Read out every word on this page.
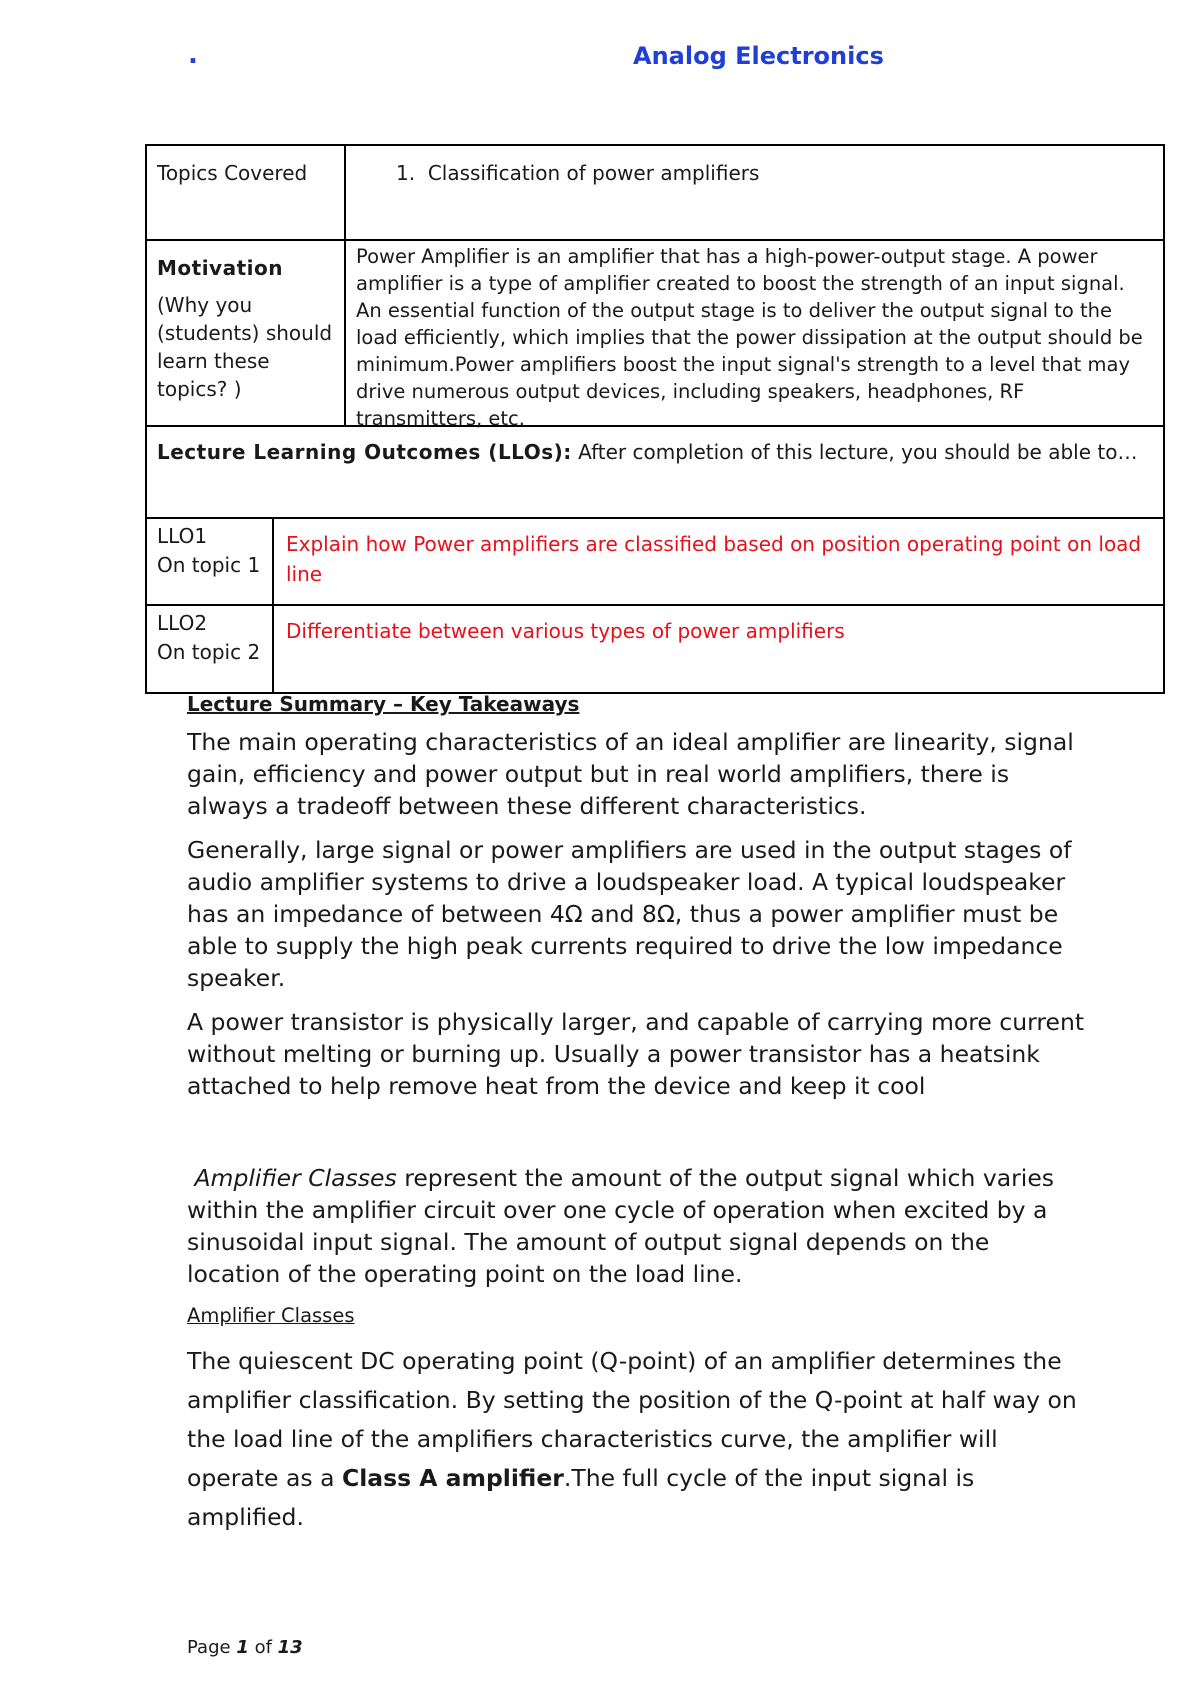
.	Analog Electronics
Topics Covered	1. Classification of power amplifiers
Motivation

(Why you (students) should learn these topics? )
Power Amplifier is an amplifier that has a high-power-output stage. A power amplifier is a type of amplifier created to boost the strength of an input signal. An essential function of the output stage is to deliver the output signal to the load efficiently, which implies that the power dissipation at the output should be minimum.Power amplifiers boost the input signal's strength to a level that may drive numerous output devices, including speakers, headphones, RF transmitters, etc.
Lecture Learning Outcomes (LLOs): After completion of this lecture, you should be able to…
LLO1
On topic 1
Explain how Power amplifiers are classified based on position operating point on load line
LLO2
On topic 2
Differentiate between various types of power amplifiers
Lecture Summary – Key Takeaways

The main operating characteristics of an ideal amplifier are linearity, signal gain, efficiency and power output but in real world amplifiers, there is always a tradeoff between these different characteristics.

Generally, large signal or power amplifiers are used in the output stages of audio amplifier systems to drive a loudspeaker load. A typical loudspeaker has an impedance of between 4Ω and 8Ω, thus a power amplifier must be able to supply the high peak currents required to drive the low impedance speaker.

A power transistor is physically larger, and capable of carrying more current without melting or burning up. Usually a power transistor has a heatsink attached to help remove heat from the device and keep it cool

Amplifier Classes represent the amount of the output signal which varies within the amplifier circuit over one cycle of operation when excited by a sinusoidal input signal. The amount of output signal depends on the location of the operating point on the load line.

Amplifier Classes

The quiescent DC operating point (Q-point) of an amplifier determines the amplifier classification. By setting the position of the Q-point at half way on the load line of the amplifiers characteristics curve, the amplifier will operate as a Class A amplifier.The full cycle of the input signal is amplified.

Page 1 of 13
